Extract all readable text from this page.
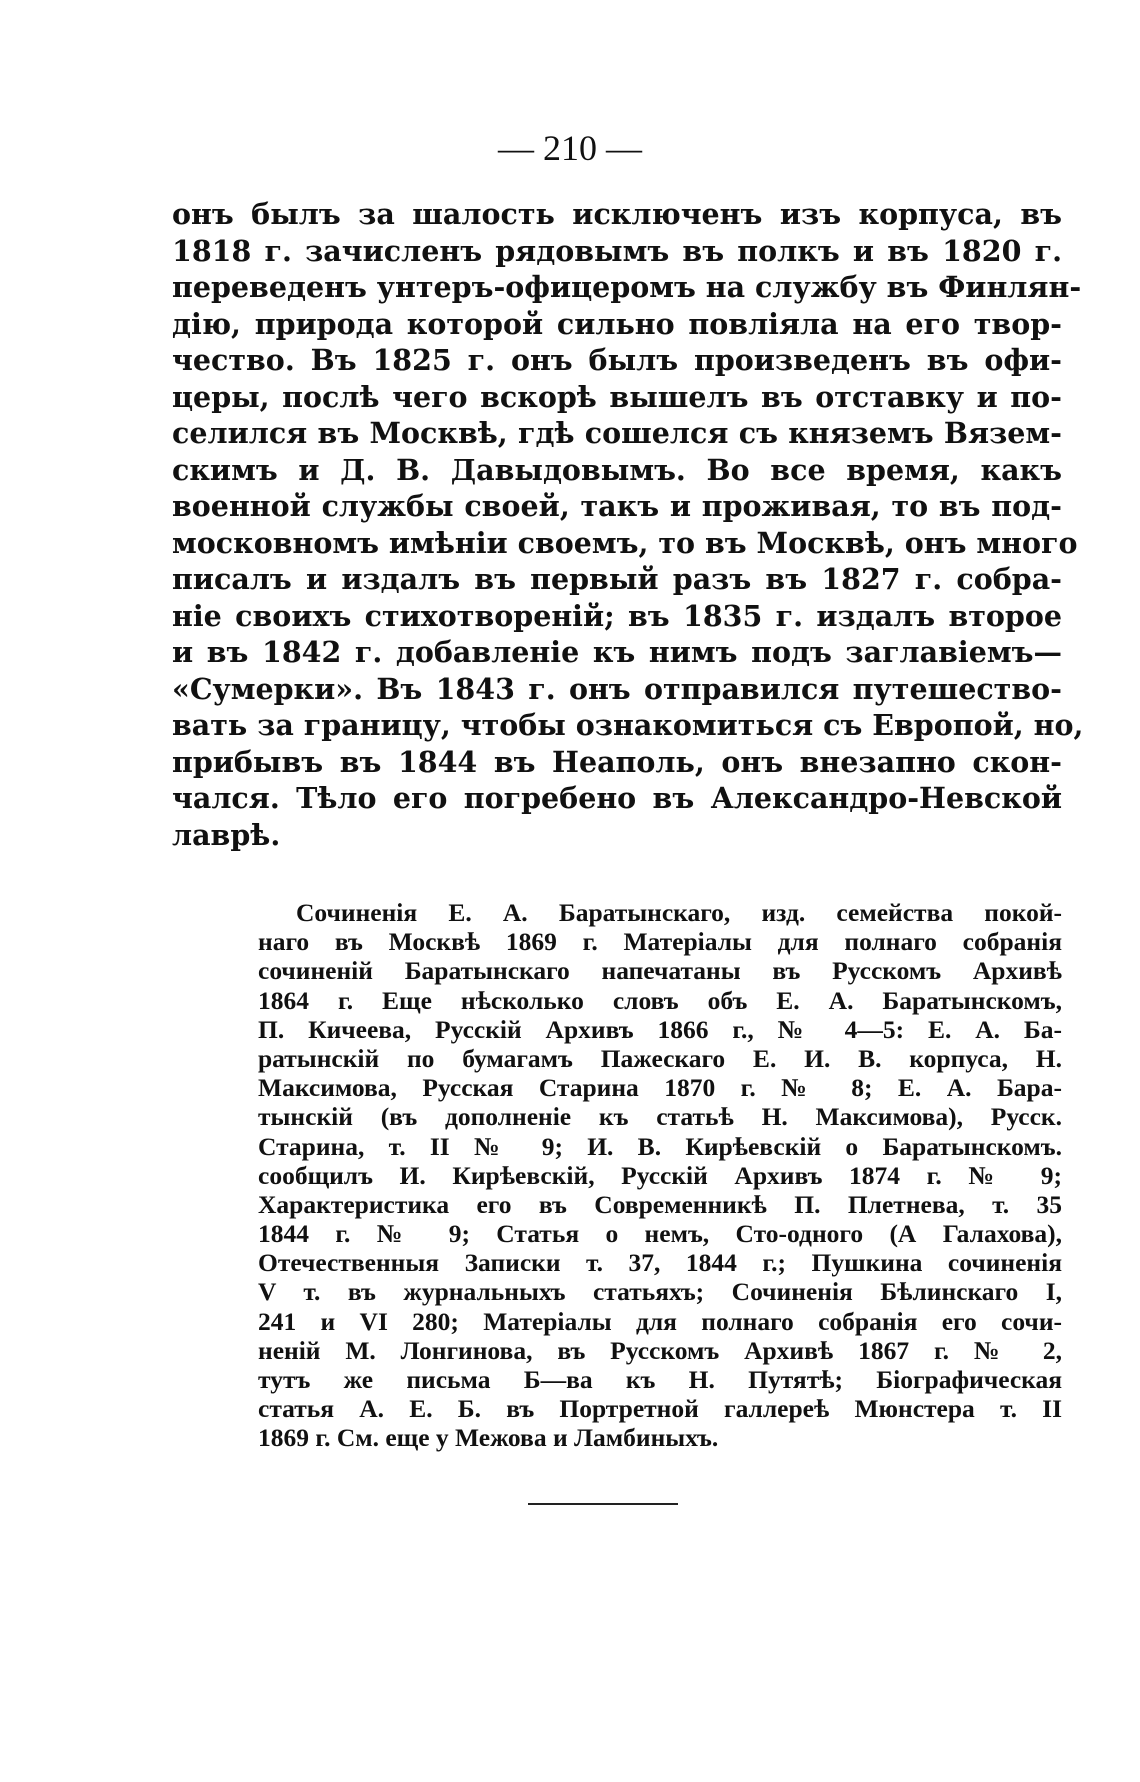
— 210 —
онъ былъ за шалость исключенъ изъ корпуса, въ
1818 г. зачисленъ рядовымъ въ полкъ и въ 1820 г.
переведенъ унтеръ-офицеромъ на службу въ Финлян-
дію, природа которой сильно повліяла на его твор-
чество. Въ 1825 г. онъ былъ произведенъ въ офи-
церы, послѣ чего вскорѣ вышелъ въ отставку и по-
селился въ Москвѣ, гдѣ сошелся съ княземъ Вязем-
скимъ и Д. В. Давыдовымъ. Во все время, какъ
военной службы своей, такъ и проживая, то въ под-
московномъ имѣніи своемъ, то въ Москвѣ, онъ много
писалъ и издалъ въ первый разъ въ 1827 г. собра-
ніе своихъ стихотвореній; въ 1835 г. издалъ второе
и въ 1842 г. добавленіе къ нимъ подъ заглавіемъ—
«Сумерки». Въ 1843 г. онъ отправился путешество-
вать за границу, чтобы ознакомиться съ Европой, но,
прибывъ въ 1844 въ Неаполь, онъ внезапно скон-
чался. Тѣло его погребено въ Александро-Невской
лаврѣ.
Сочиненія Е. А. Баратынскаго, изд. семейства покой-
наго въ Москвѣ 1869 г. Матеріалы для полнаго собранія
сочиненій Баратынскаго напечатаны въ Русскомъ Архивѣ
1864 г. Еще нѣсколько словъ объ Е. А. Баратынскомъ,
П. Кичеева, Русскій Архивъ 1866 г., № 4—5: Е. А. Ба-
ратынскій по бумагамъ Пажескаго Е. И. В. корпуса, Н.
Максимова, Русская Старина 1870 г. № 8; Е. А. Бара-
тынскій (въ дополненіе къ статьѣ Н. Максимова), Русск.
Старина, т. II № 9; И. В. Кирѣевскій о Баратынскомъ.
сообщилъ И. Кирѣевскій, Русскій Архивъ 1874 г. № 9;
Характеристика его въ Современникѣ П. Плетнева, т. 35
1844 г. № 9; Статья о немъ, Сто-одного (А Галахова),
Отечественныя Записки т. 37, 1844 г.; Пушкина сочиненія
V т. въ журнальныхъ статьяхъ; Сочиненія Бѣлинскаго I,
241 и VI 280; Матеріалы для полнаго собранія его сочи-
неній М. Лонгинова, въ Русскомъ Архивѣ 1867 г. № 2,
тутъ же письма Б—ва къ Н. Путятѣ; Біографическая
статья А. Е. Б. въ Портретной галлереѣ Мюнстера т. II
1869 г. См. еще у Межова и Ламбиныхъ.
